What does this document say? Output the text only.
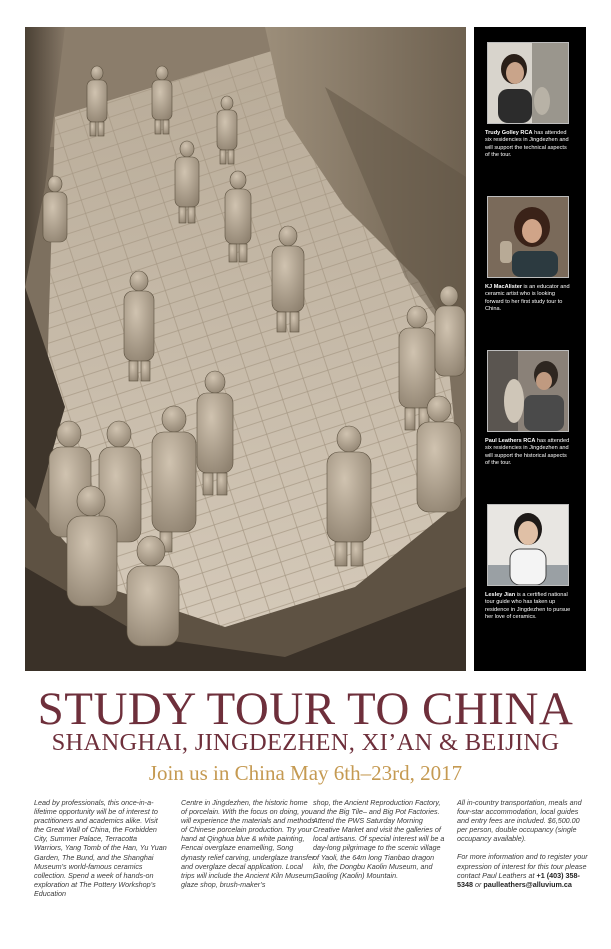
Trudy Golley RCA has attended six residencies in Jingdezhen and will support the technical aspects of the tour.
KJ MacAlister is an educator and ceramic artist who is looking forward to her first study tour to China.
Paul Leathers RCA has attended six residencies in Jingdezhen and will support the historical aspects of the tour.
Lesley Jian is a certified national tour guide who has taken up residence in Jingdezhen to pursue her love of ceramics.
STUDY TOUR TO CHINA
SHANGHAI, JINGDEZHEN, XI’AN & BEIJING
Join us in China May 6th–23rd, 2017

Lead by professionals, this once-in-a-lifetime opportunity will be of interest to practitioners and academics alike. Visit the Great Wall of China, the Forbidden City, Summer Palace, Terracotta Warriors, Yang Tomb of the Han, Yu Yuan Garden, The Bund, and the Shanghai Museum’s world-famous ceramics collection. Spend a week of hands-on exploration at The Pottery Workshop’s Education

Centre in Jingdezhen, the historic home of porcelain. With the focus on doing, you will experience the materials and methods of Chinese porcelain production. Try your hand at Qinghua blue & white painting, Fencai overglaze enamelling, Song dynasty relief carving, underglaze transfer and overglaze decal application. Local trips will include the Ancient Kiln Museum, glaze shop, brush-maker’s

shop, the Ancient Reproduction Factory, and the Big Tile– and Big Pot Factories. Attend the PWS Saturday Morning Creative Market and visit the galleries of local artisans. Of special interest will be a day-long pilgrimage to the scenic village of Yaoli, the 64m long Tianbao dragon kiln, the Dongbu Kaolin Museum, and Gaoling (Kaolin) Mountain.

All in-country transportation, meals and four-star accommodation, local guides and entry fees are included. $6,500.00 per person, double occupancy (single occupancy available).

For more information and to register your expression of interest for this tour please contact Paul Leathers at +1 (403) 358-5348 or paulleathers@alluvium.ca
